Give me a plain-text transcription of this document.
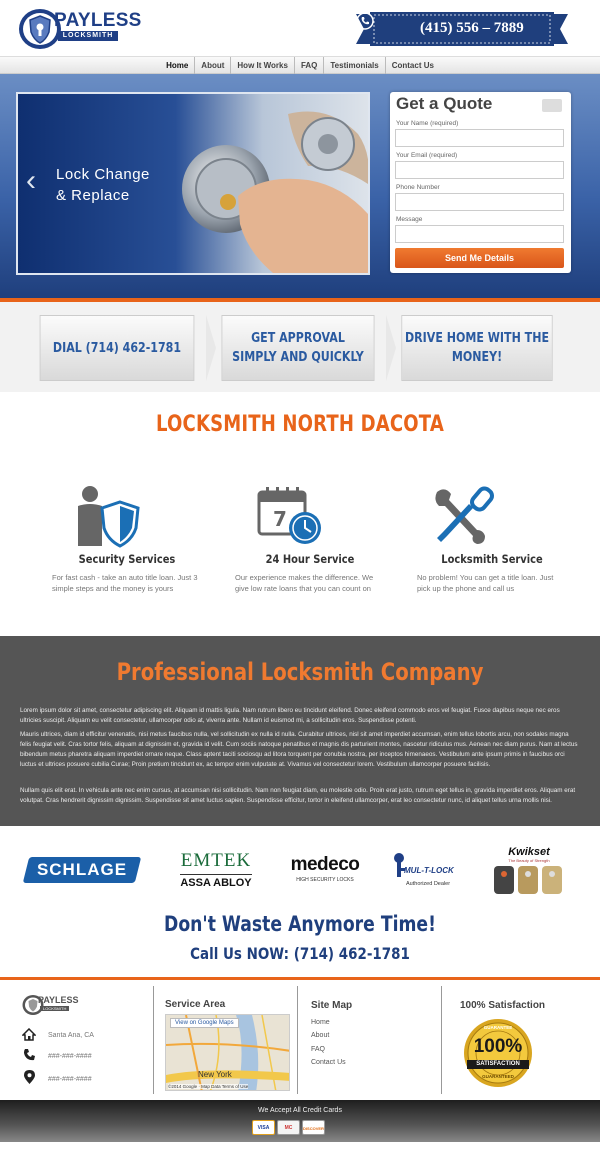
PAYLESS
LOCKSMITH	(415) 556 – 7889
Home About How It Works FAQ Testimonials Contact Us
‹ Lock Change
& Replace
Get a Quote
Your Name (required)
Your Email (required)
Phone Number
Message
Send Me Details
DIAL (714) 462-1781
GET APPROVAL
SIMPLY AND QUICKLY
DRIVE HOME WITH THE
MONEY!
LOCKSMITH NORTH DACOTA
Security Services
For fast cash - take an auto title loan. Just 3 simple steps and the money is yours
7
24 Hour Service
Our experience makes the difference. We give low rate loans that you can count on
Locksmith Service
No problem! You can get a title loan. Just pick up the phone and call us
Professional Locksmith Company

Lorem ipsum dolor sit amet, consectetur adipiscing elit. Aliquam id mattis ligula. Nam rutrum libero eu tincidunt eleifend. Donec eleifend commodo eros vel feugiat. Fusce dapibus neque nec eros ultricies suscipit. Aliquam eu velit consectetur, ullamcorper odio at, viverra ante. Nullam id euismod mi, a sollicitudin eros. Suspendisse potenti.

Mauris ultrices, diam id efficitur venenatis, nisi metus faucibus nulla, vel sollicitudin ex nulla id nulla. Curabitur ultrices, nisl sit amet imperdiet accumsan, enim tellus lobortis arcu, non sodales magna felis feugiat velit. Cras tortor felis, aliquam at dignissim et, gravida id velit. Cum sociis natoque penatibus et magnis dis parturient montes, nascetur ridiculus mus. Aenean nec diam purus. Nam at lectus bibendum metus pharetra aliquam imperdiet ornare neque. Class aptent taciti sociosqu ad litora torquent per conubia nostra, per inceptos himenaeos. Vestibulum ante ipsum primis in faucibus orci luctus et ultrices posuere cubilia Curae; Proin pretium tincidunt ex, ac tempor enim vulputate at. Vivamus vel consectetur lorem. Vestibulum ullamcorper posuere facilisis.

Nullam quis elit erat. In vehicula ante nec enim cursus, at accumsan nisi sollicitudin. Nam non feugiat diam, eu molestie odio. Proin erat justo, rutrum eget tellus in, gravida imperdiet eros. Aliquam erat volutpat. Cras hendrerit dignissim dignissim. Suspendisse sit amet luctus sapien. Suspendisse efficitur, tortor in eleifend ullamcorper, erat leo consectetur nunc, id aliquet tellus urna mollis nisi.

SCHLAGE	EMTEK
ASSA ABLOY
medeco
HIGH SECURITY LOCKS
MUL-T-LOCK
Authorized Dealer
Kwikset
The Beauty of Strength
Don't Waste Anymore Time!
Call Us NOW: (714) 462-1781
PAYLESS
LOCKSMITH
Santa Ana, CA
###-###-####
###-###-####
Service Area
View on Google Maps
New York
©2014 Google · Map Data Terms of Use
Site Map
Home
About
FAQ
Contact Us
100% Satisfaction
GUARANTEE
100%
SATISFACTION
GUARANTEED
We Accept All Credit Cards
VISA	MC	DISCOVER
